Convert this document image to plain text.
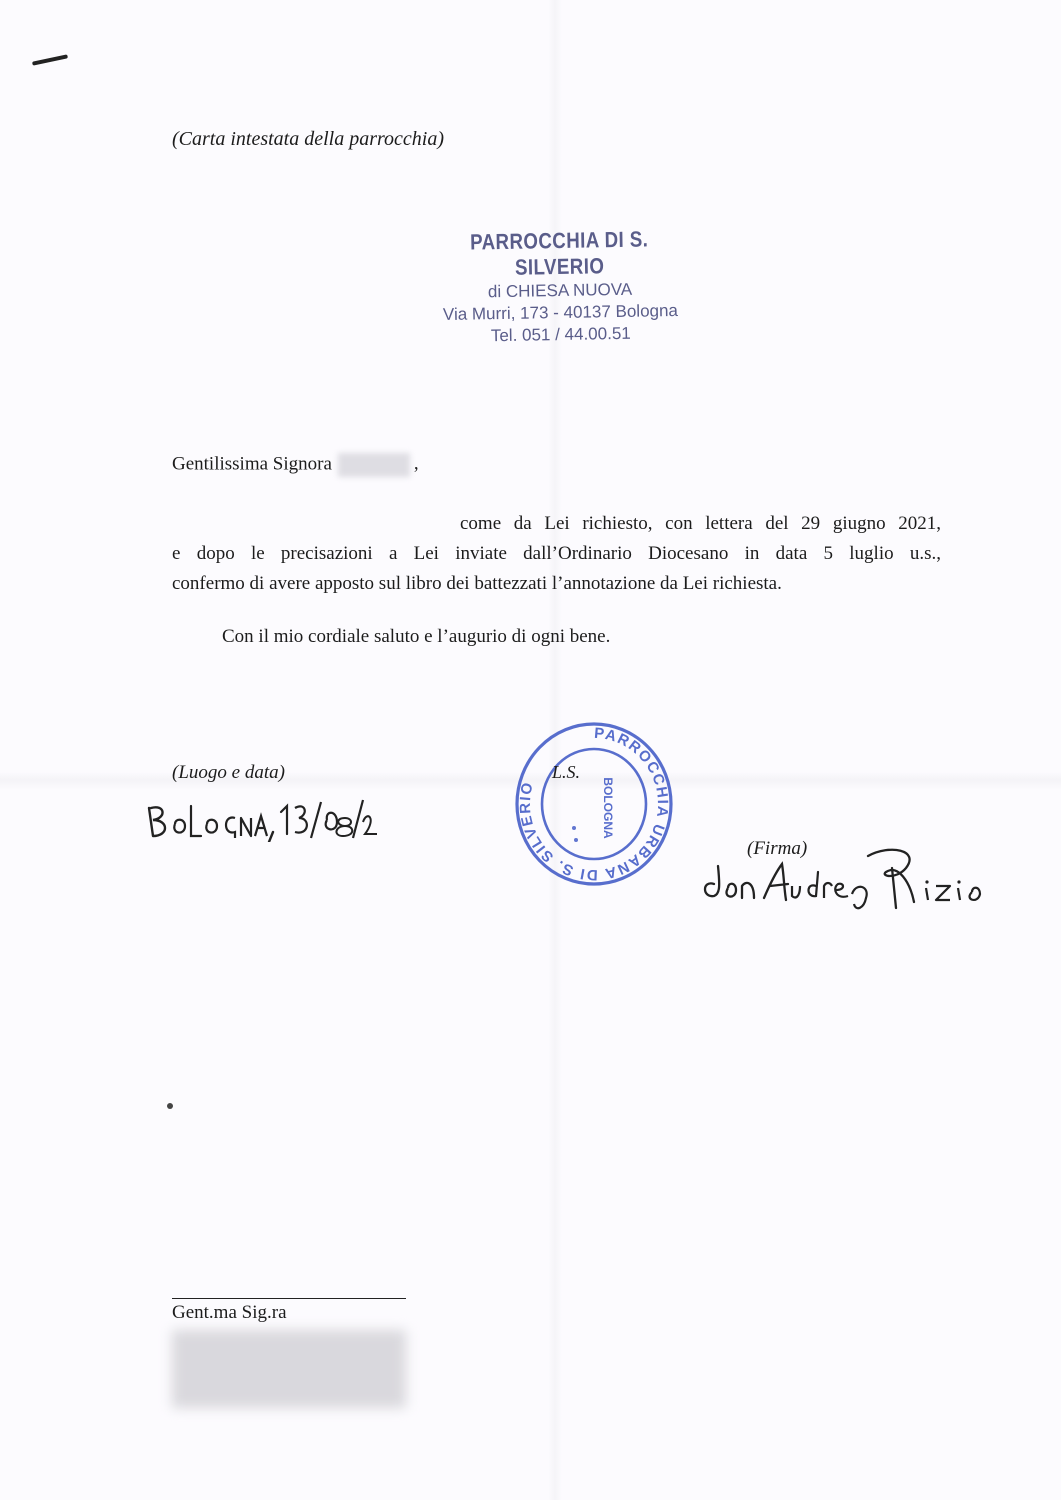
(Carta intestata della parrocchia)
PARROCCHIA DI S. SILVERIO
di CHIESA NUOVA
Via Murri, 173 - 40137 Bologna
Tel. 051 / 44.00.51
Gentilissima Signora	,
come da Lei richiesto, con lettera del 29 giugno 2021,
e dopo le precisazioni a Lei inviate dall’Ordinario Diocesano in data 5 luglio u.s.,
confermo di avere apposto sul libro dei battezzati l’annotazione da Lei richiesta.
Con il mio cordiale saluto e l’augurio di ogni bene.
(Luogo e data)
PARROCCHIA URBANA DI S. SILVERIO	BOLOGNA
L.S.
(Firma)
Gent.ma Sig.ra
